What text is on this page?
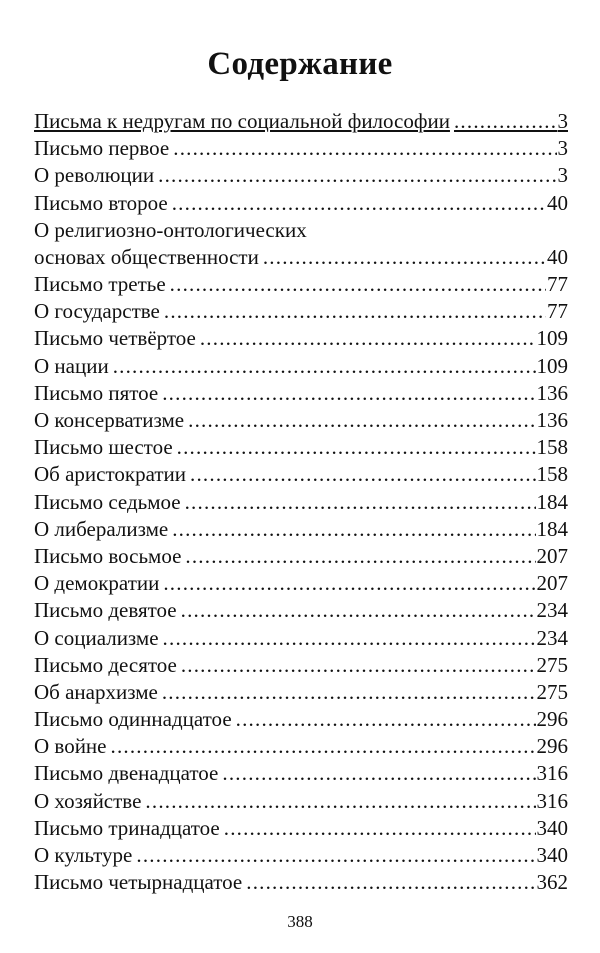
Содержание
Письма к недругам по социальной философии .....	3
Письмо первое .....	3
О революции .....	3
Письмо второе .....	40
О религиозно-онтологических
основах общественности .....	40
Письмо третье .....	77
О государстве .....	77
Письмо четвёртое .....	109
О нации .....	109
Письмо пятое .....	136
О консерватизме .....	136
Письмо шестое .....	158
Об аристократии .....	158
Письмо седьмое .....	184
О либерализме .....	184
Письмо восьмое .....	207
О демократии .....	207
Письмо девятое .....	234
О социализме .....	234
Письмо десятое .....	275
Об анархизме .....	275
Письмо одиннадцатое .....	296
О войне .....	296
Письмо двенадцатое .....	316
О хозяйстве .....	316
Письмо тринадцатое .....	340
О культуре .....	340
Письмо четырнадцатое .....	362
388
